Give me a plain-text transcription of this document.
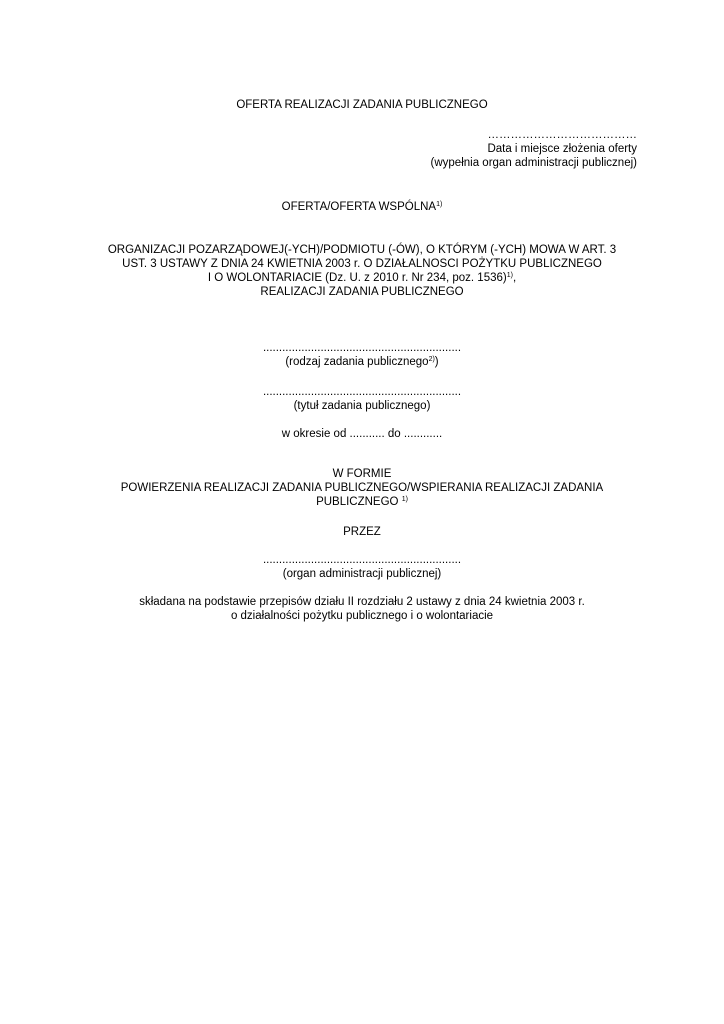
OFERTA REALIZACJI ZADANIA PUBLICZNEGO
…………………………………
Data i miejsce złożenia oferty
(wypełnia organ administracji publicznej)
OFERTA/OFERTA WSPÓLNA$^{1)}$
ORGANIZACJI POZARZĄDOWEJ(-YCH)/PODMIOTU (-ÓW), O KTÓRYM (-YCH) MOWA W ART. 3
UST. 3 USTAWY Z DNIA 24 KWIETNIA 2003 r. O DZIAŁALNOSCI POŻYTKU PUBLICZNEGO
I O WOLONTARIACIE (Dz. U. z 2010 r. Nr 234, poz. 1536)$^{1)}$,
REALIZACJI ZADANIA PUBLICZNEGO
..............................................................
(rodzaj zadania publicznego$^{2)}$)
..............................................................
(tytuł zadania publicznego)
w okresie od ........... do ............
W FORMIE
POWIERZENIA REALIZACJI ZADANIA PUBLICZNEGO/WSPIERANIA REALIZACJI ZADANIA
PUBLICZNEGO $^{1)}$
PRZEZ
..............................................................
(organ administracji publicznej)
składana na podstawie przepisów działu II rozdziału 2 ustawy z dnia 24 kwietnia 2003 r.
o działalności pożytku publicznego i o wolontariacie
